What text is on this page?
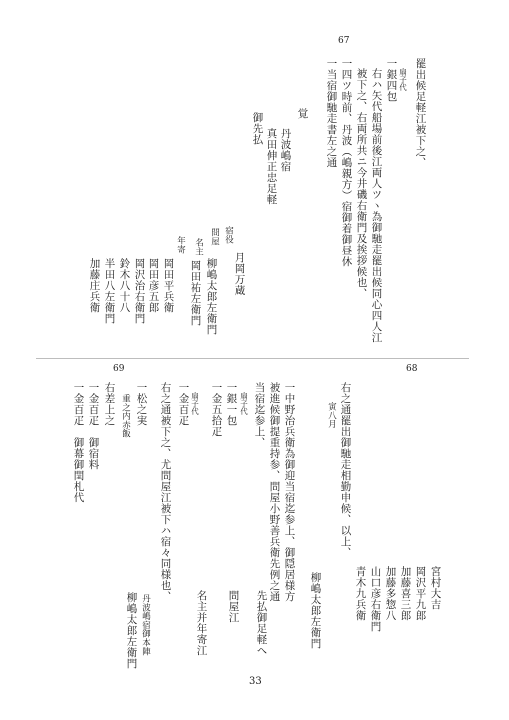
67
罷出候足軽江被下之、
扇子代
一銀四包
右ハ矢代船場前後江両人ツヽ為御馳走罷出候同心四人江
被下之、右両所共ニ今井磯右衛門及挨拶候也、
一四ツ時前、丹波（嶋親方）宿御着御昼休
一当宿御馳走書左之通
覚
丹波嶋宿
真田伸正忠足軽
御先払
月岡万蔵
宿役
問屋
柳嶋太郎左衛門
名主
岡田祐左衛門
年寄
岡田平兵衛
岡田彦五郎
岡沢治右衛門
鈴木八十八
半田八左衛門
加藤庄兵衛
68
69
宮村大吉
岡沢平九郎
加藤喜三郎
加藤多惣八
山口彦右衛門
青木九兵衛
右之通罷出御馳走相勤申候、以上、
寅八月
柳嶋太郎左衛門
一中野治兵衛為御迎当宿迄参上、御隠居様方
被進候御提重持参、問屋小野善兵衛先例之通
当宿迄参上、
先払御足軽へ
扇子代
一銀一包
問屋江
一金五拾疋
名主并年寄江
扇子代
一金百疋
右之通被下之、尤問屋江被下ハ宿々同様也、
丹波嶋宿御本陣
一松之実
柳嶋太郎左衛門
重之内赤飯
右差上之
一金百疋　御宿料
一金百疋　御幕御閏札代
33
